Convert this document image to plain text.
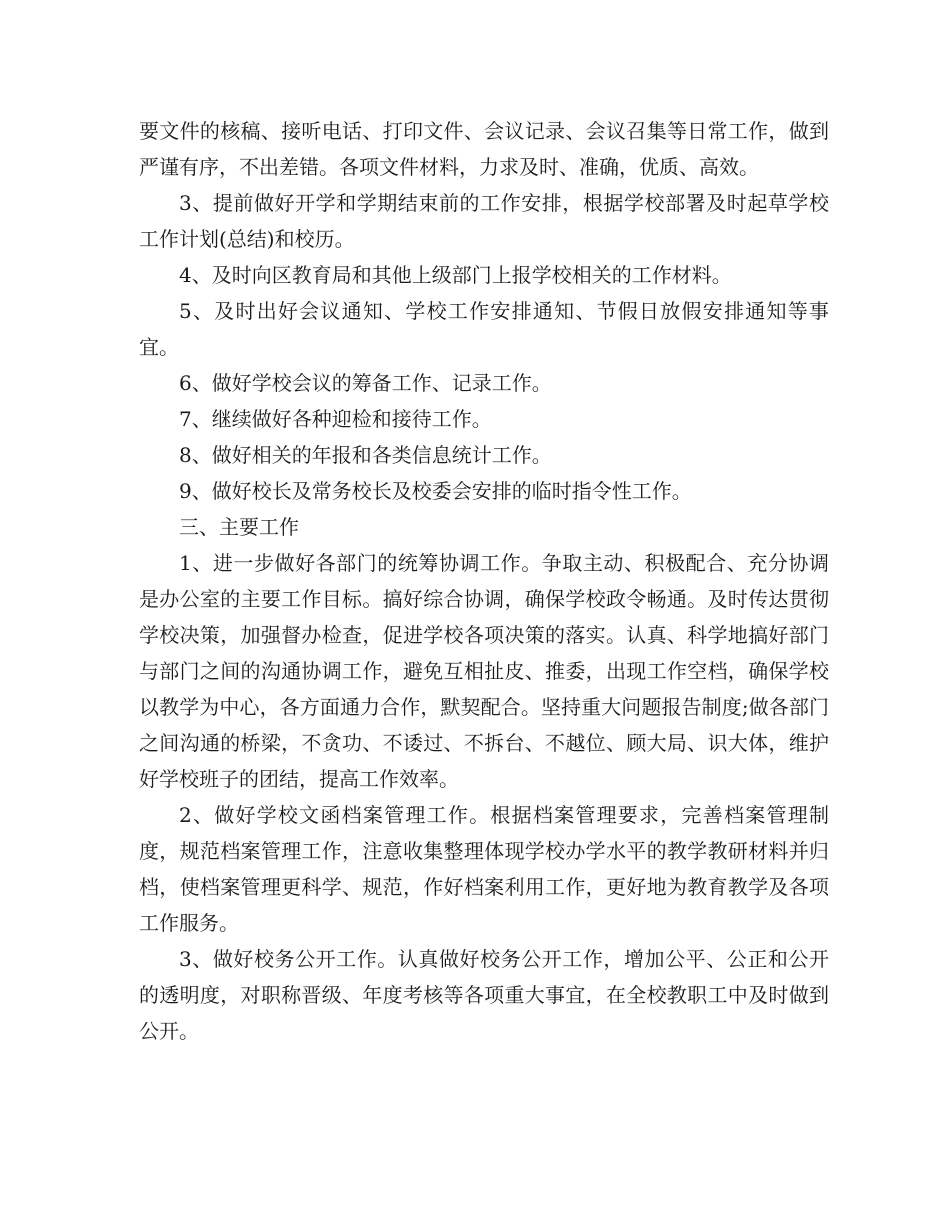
要文件的核稿、接听电话、打印文件、会议记录、会议召集等日常工作，做到严谨有序，不出差错。各项文件材料，力求及时、准确，优质、高效。

3、提前做好开学和学期结束前的工作安排，根据学校部署及时起草学校工作计划(总结)和校历。

4、及时向区教育局和其他上级部门上报学校相关的工作材料。

5、及时出好会议通知、学校工作安排通知、节假日放假安排通知等事宜。

6、做好学校会议的筹备工作、记录工作。

7、继续做好各种迎检和接待工作。

8、做好相关的年报和各类信息统计工作。

9、做好校长及常务校长及校委会安排的临时指令性工作。

三、主要工作

1、进一步做好各部门的统筹协调工作。争取主动、积极配合、充分协调是办公室的主要工作目标。搞好综合协调，确保学校政令畅通。及时传达贯彻学校决策，加强督办检查，促进学校各项决策的落实。认真、科学地搞好部门与部门之间的沟通协调工作，避免互相扯皮、推委，出现工作空档，确保学校以教学为中心，各方面通力合作，默契配合。坚持重大问题报告制度;做各部门之间沟通的桥梁，不贪功、不诿过、不拆台、不越位、顾大局、识大体，维护好学校班子的团结，提高工作效率。

2、做好学校文函档案管理工作。根据档案管理要求，完善档案管理制度，规范档案管理工作，注意收集整理体现学校办学水平的教学教研材料并归档，使档案管理更科学、规范，作好档案利用工作，更好地为教育教学及各项工作服务。

3、做好校务公开工作。认真做好校务公开工作，增加公平、公正和公开的透明度，对职称晋级、年度考核等各项重大事宜，在全校教职工中及时做到公开。
